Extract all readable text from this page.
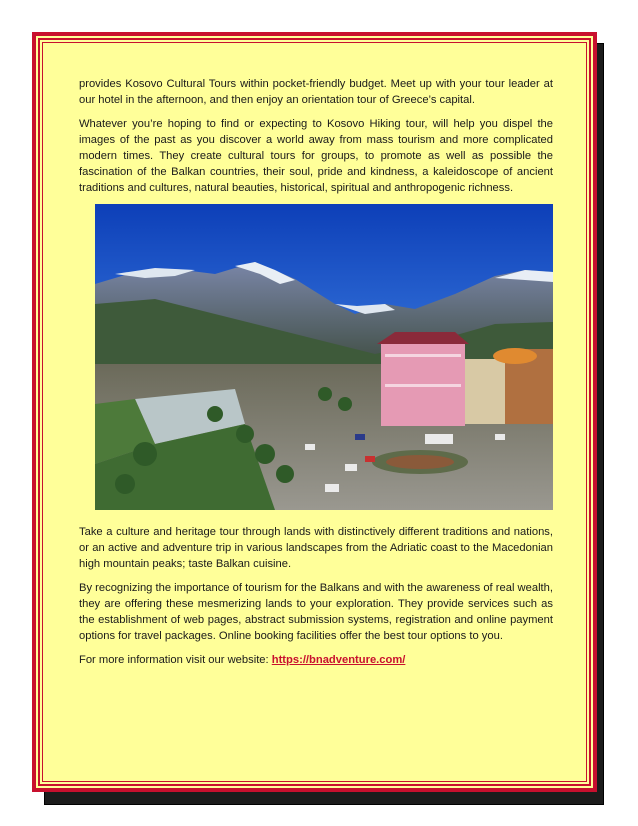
provides Kosovo Cultural Tours within pocket-friendly budget. Meet up with your tour leader at our hotel in the afternoon, and then enjoy an orientation tour of Greece’s capital.

Whatever you’re hoping to find or expecting to Kosovo Hiking tour, will help you dispel the images of the past as you discover a world away from mass tourism and more complicated modern times. They create cultural tours for groups, to promote as well as possible the fascination of the Balkan countries, their soul, pride and kindness, a kaleidoscope of ancient traditions and cultures, natural beauties, historical, spiritual and anthropogenic richness.

Take a culture and heritage tour through lands with distinctively different traditions and nations, or an active and adventure trip in various landscapes from the Adriatic coast to the Macedonian high mountain peaks; taste Balkan cuisine.

By recognizing the importance of tourism for the Balkans and with the awareness of real wealth, they are offering these mesmerizing lands to your exploration. They provide services such as the establishment of web pages, abstract submission systems, registration and online payment options for travel packages. Online booking facilities offer the best tour options to you.

For more information visit our website: https://bnadventure.com/
